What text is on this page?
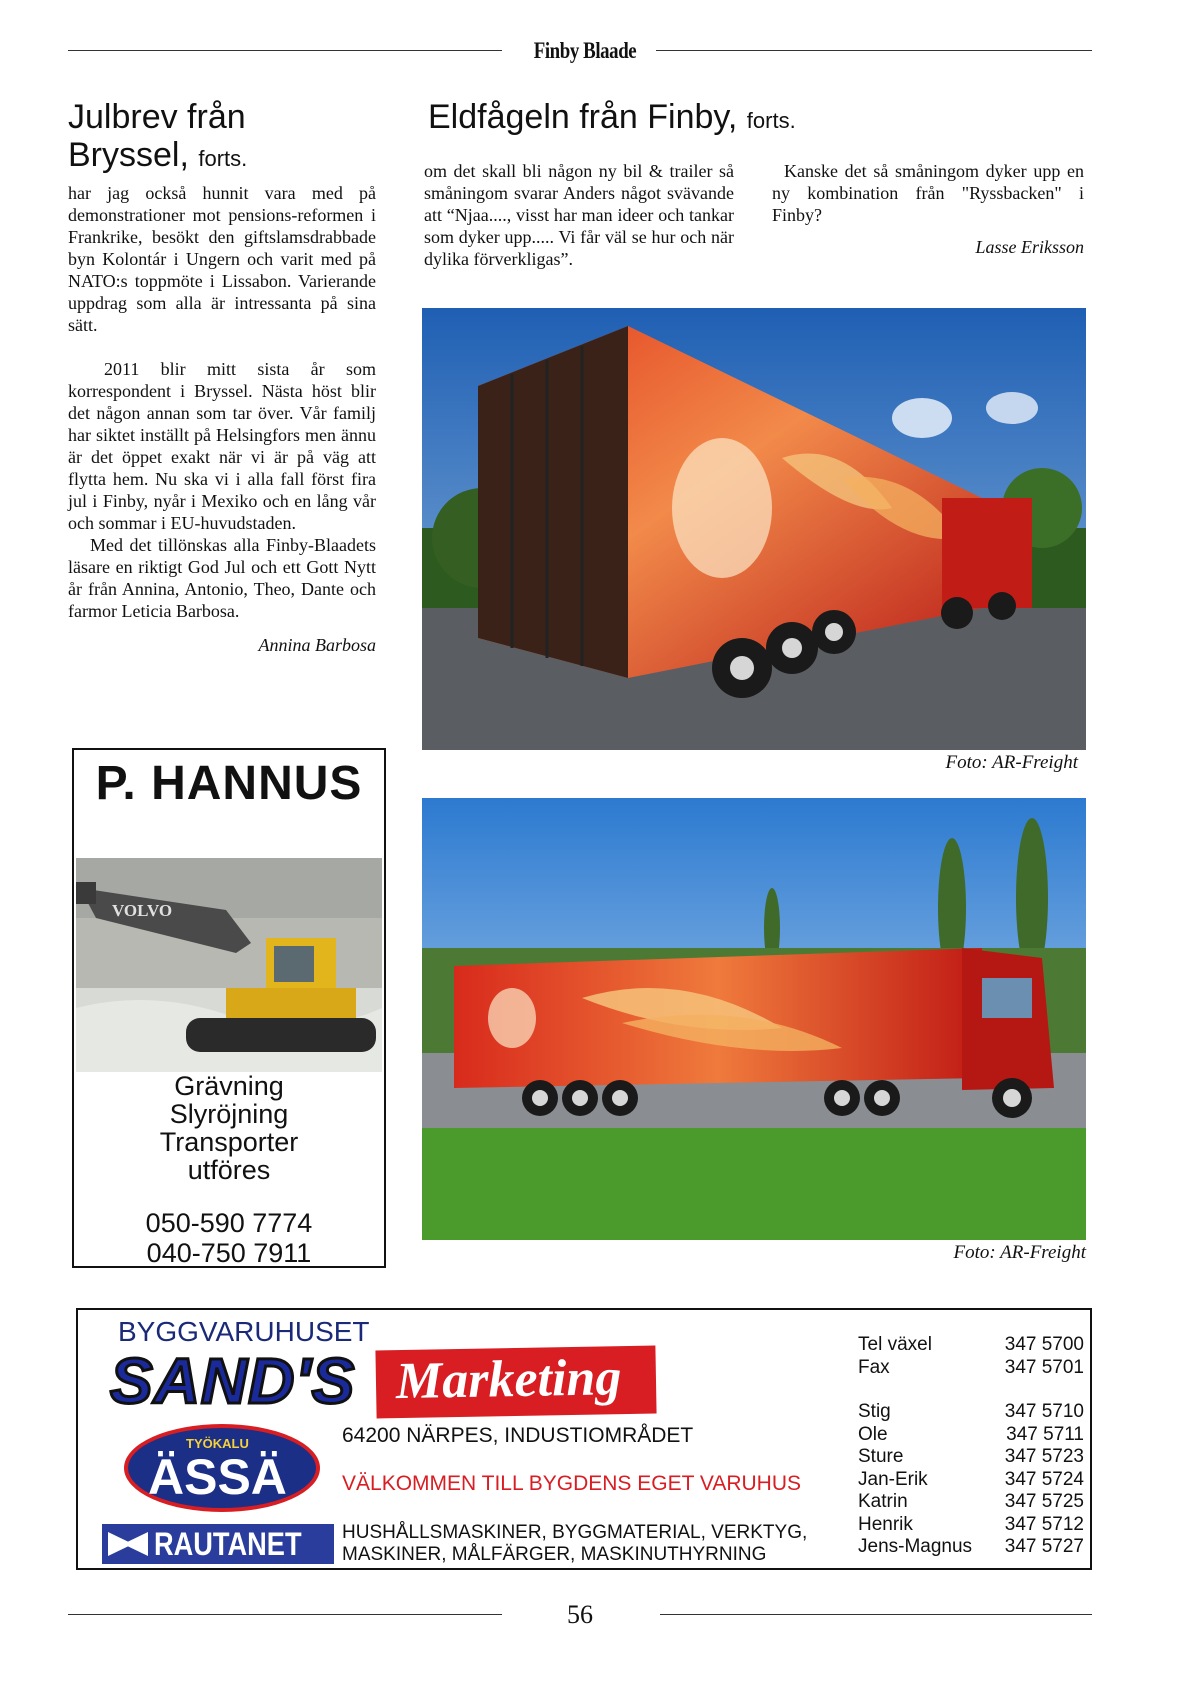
Finby Blaade
Julbrev från Bryssel, forts.

har jag också hunnit vara med på demonstrationer mot pensions-reformen i Frankrike, besökt den giftslamsdrabbade byn Kolontár i Ungern och varit med på NATO:s toppmöte i Lissabon. Varierande uppdrag som alla är intressanta på sina sätt.

2011 blir mitt sista år som korrespondent i Bryssel. Nästa höst blir det någon annan som tar över. Vår familj har siktet inställt på Helsingfors men ännu är det öppet exakt när vi är på väg att flytta hem. Nu ska vi i alla fall först fira jul i Finby, nyår i Mexiko och en lång vår och sommar i EU-huvudstaden.

Med det tillönskas alla Finby-Blaadets läsare en riktigt God Jul och ett Gott Nytt år från Annina, Antonio, Theo, Dante och farmor Leticia Barbosa.

Annina Barbosa

Eldfågeln från Finby, forts.
om det skall bli någon ny bil & trailer så småningom svarar Anders något svävande att “Njaa...., visst har man ideer och tankar som dyker upp..... Vi får väl se hur och när dylika förverkligas”.

Kanske det så småningom dyker upp en ny kombination från "Ryssbacken" i Finby?

Lasse Eriksson

Foto: AR-Freight
Foto: AR-Freight
P. HANNUS
VOLVO
Grävning
Slyröjning
Transporter
utföres
050-590 7774
040-750 7911
BYGGVARUHUSET
SAND'S Marketing
TYÖKALU
ÄSSÄ
RAUTANET
64200 NÄRPES, INDUSTIOMRÅDET
VÄLKOMMEN TILL BYGDENS EGET VARUHUS
HUSHÅLLSMASKINER, BYGGMATERIAL, VERKTYG,
MASKINER, MÅLFÄRGER, MASKINUTHYRNING
Tel växel	347 5700
Fax	347 5701
Stig	347 5710
Ole	347 5711
Sture	347 5723
Jan-Erik	347 5724
Katrin	347 5725
Henrik	347 5712
Jens-Magnus 347 5727
56
